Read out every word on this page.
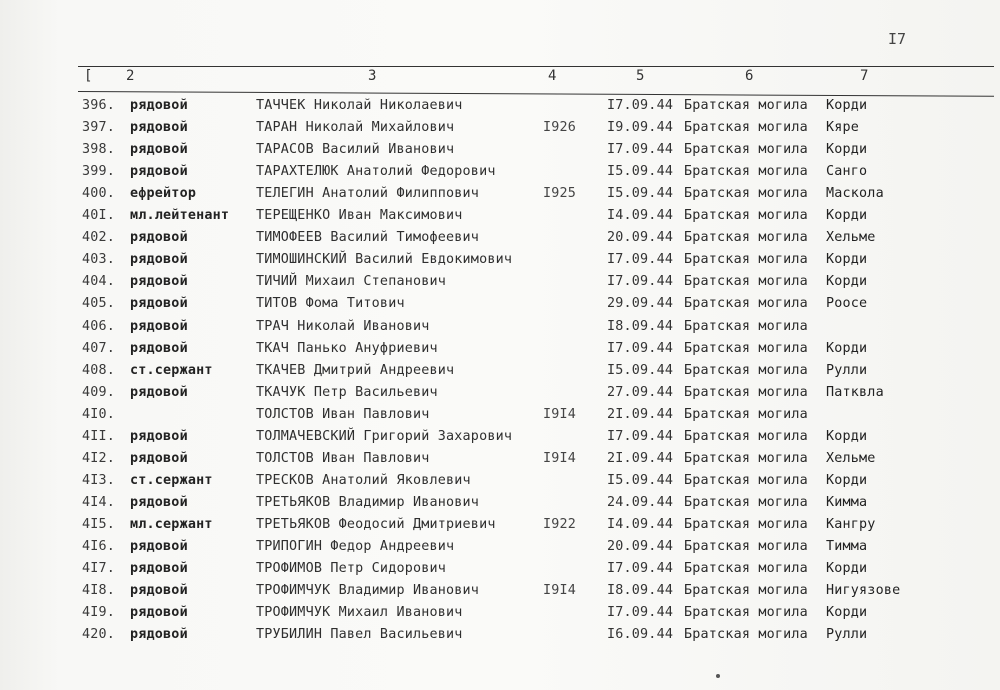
I7
[ 2	3	4	5	6	7
396. рядовой	ТАЧЧЕК Николай Николаевич	I7.09.44 Братская могила Корди
397. рядовой	ТАРАН Николай Михайлович	I926 I9.09.44 Братская могила Кяре
398. рядовой	ТАРАСОВ Василий Иванович	I7.09.44 Братская могила Корди
399. рядовой	ТАРАХТЕЛЮК Анатолий Федорович	I5.09.44 Братская могила Санго
400. ефрейтор	ТЕЛЕГИН Анатолий Филиппович	I925 I5.09.44 Братская могила Маскола
40I. мл.лейтенант ТЕРЕЩЕНКО Иван Максимович	I4.09.44 Братская могила Корди
402. рядовой	ТИМОФЕЕВ Василий Тимофеевич	20.09.44 Братская могила Хельме
403. рядовой	ТИМОШИНСКИЙ Василий Евдокимович	I7.09.44 Братская могила Корди
404. рядовой	ТИЧИЙ Михаил Степанович	I7.09.44 Братская могила Корди
405. рядовой	ТИТОВ Фома Титович	29.09.44 Братская могила Роосе
406. рядовой	ТРАЧ Николай Иванович	I8.09.44 Братская могила
407. рядовой	ТКАЧ Панько Ануфриевич	I7.09.44 Братская могила Корди
408. ст.сержант	ТКАЧЕВ Дмитрий Андреевич	I5.09.44 Братская могила Рулли
409. рядовой	ТКАЧУК Петр Васильевич	27.09.44 Братская могила Патквла
4I0.	ТОЛСТОВ Иван Павлович	I9I4 2I.09.44 Братская могила
4II. рядовой	ТОЛМАЧЕВСКИЙ Григорий Захарович	I7.09.44 Братская могила Корди
4I2. рядовой	ТОЛСТОВ Иван Павлович	I9I4 2I.09.44 Братская могила Хельме
4I3. ст.сержант	ТРЕСКОВ Анатолий Яковлевич	I5.09.44 Братская могила Корди
4I4. рядовой	ТРЕТЬЯКОВ Владимир Иванович	24.09.44 Братская могила Кимма
4I5. мл.сержант	ТРЕТЬЯКОВ Феодосий Дмитриевич	I922 I4.09.44 Братская могила Кангру
4I6. рядовой	ТРИПОГИН Федор Андреевич	20.09.44 Братская могила Тимма
4I7. рядовой	ТРОФИМОВ Петр Сидорович	I7.09.44 Братская могила Корди
4I8. рядовой	ТРОФИМЧУК Владимир Иванович	I9I4 I8.09.44 Братская могила Нигуязове
4I9. рядовой	ТРОФИМЧУК Михаил Иванович	I7.09.44 Братская могила Корди
420. рядовой	ТРУБИЛИН Павел Васильевич	I6.09.44 Братская могила Рулли
